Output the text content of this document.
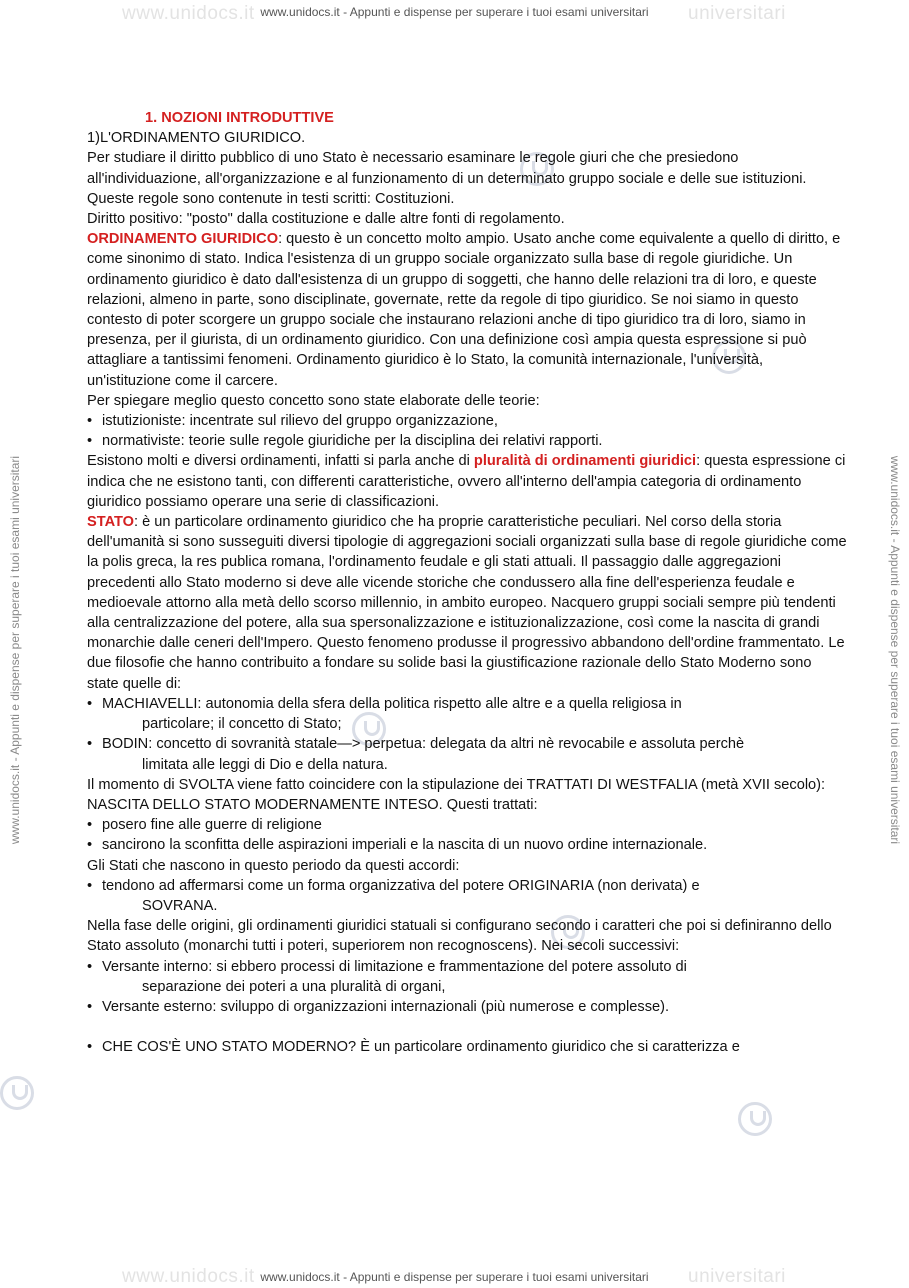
www.unidocs.it - Appunti e dispense per superare i tuoi esami universitari
www.unidocs.it	universitari
www.unidocs.it	universitari
www.unidocs.it - Appunti e dispense per superare i tuoi esami universitari	www.unidocs.it - Appunti e dispense per superare i tuoi esami universitari

1. NOZIONI INTRODUTTIVE

1)L'ORDINAMENTO GIURIDICO.

Per studiare il diritto pubblico di uno Stato è necessario esaminare le regole giuri che che presiedono all'individuazione, all'organizzazione e al funzionamento di un determinato gruppo sociale e delle sue istituzioni. Queste regole sono contenute in testi scritti: Costituzioni.

Diritto positivo: "posto" dalla costituzione e dalle altre fonti di regolamento.

ORDINAMENTO GIURIDICO: questo è un concetto molto ampio. Usato anche come equivalente a quello di diritto, e come sinonimo di stato. Indica l'esistenza di un gruppo sociale organizzato sulla base di regole giuridiche. Un ordinamento giuridico è dato dall'esistenza di un gruppo di soggetti, che hanno delle relazioni tra di loro, e queste relazioni, almeno in parte, sono disciplinate, governate, rette da regole di tipo giuridico. Se noi siamo in questo contesto di poter scorgere un gruppo sociale che instaurano relazioni anche di tipo giuridico tra di loro, siamo in presenza, per il giurista, di un ordinamento giuridico. Con una definizione così ampia questa espressione si può attagliare a tantissimi fenomeni. Ordinamento giuridico è lo Stato, la comunità internazionale, l'università, un'istituzione come il carcere.

Per spiegare meglio questo concetto sono state elaborate delle teorie:

• istutizioniste: incentrate sul rilievo del gruppo organizzazione,

• normativiste: teorie sulle regole giuridiche per la disciplina dei relativi rapporti.

Esistono molti e diversi ordinamenti, infatti si parla anche di pluralità di ordinamenti giuridici: questa espressione ci indica che ne esistono tanti, con differenti caratteristiche, ovvero all'interno dell'ampia categoria di ordinamento giuridico possiamo operare una serie di classificazioni.

STATO: è un particolare ordinamento giuridico che ha proprie caratteristiche peculiari. Nel corso della storia dell'umanità si sono susseguiti diversi tipologie di aggregazioni sociali organizzati sulla base di regole giuridiche come la polis greca, la res publica romana, l'ordinamento feudale e gli stati attuali. Il passaggio dalle aggregazioni precedenti allo Stato moderno si deve alle vicende storiche che condussero alla fine dell'esperienza feudale e medioevale attorno alla metà dello scorso millennio, in ambito europeo. Nacquero gruppi sociali sempre più tendenti alla centralizzazione del potere, alla sua spersonalizzazione e istituzionalizzazione, così come la nascita di grandi monarchie dalle ceneri dell'Impero. Questo fenomeno produsse il progressivo abbandono dell'ordine frammentato. Le due filosofie che hanno contribuito a fondare su solide basi la giustificazione razionale dello Stato Moderno sono state quelle di:

• MACHIAVELLI: autonomia della sfera della politica rispetto alle altre e a quella religiosa in
particolare; il concetto di Stato;

• BODIN: concetto di sovranità statale—> perpetua: delegata da altri nè revocabile e assoluta perchè
limitata alle leggi di Dio e della natura.

Il momento di SVOLTA viene fatto coincidere con la stipulazione dei TRATTATI DI WESTFALIA (metà XVII secolo): NASCITA DELLO STATO MODERNAMENTE INTESO. Questi trattati:

• posero fine alle guerre di religione

• sancirono la sconfitta delle aspirazioni imperiali e la nascita di un nuovo ordine internazionale.

Gli Stati che nascono in questo periodo da questi accordi:

• tendono ad affermarsi come un forma organizzativa del potere ORIGINARIA (non derivata) e
SOVRANA.

Nella fase delle origini, gli ordinamenti giuridici statuali si configurano secondo i caratteri che poi si definiranno dello Stato assoluto (monarchi tutti i poteri, superiorem non recognoscens). Nei secoli successivi:

• Versante interno: si ebbero processi di limitazione e frammentazione del potere assoluto di
separazione dei poteri a una pluralità di organi,

• Versante esterno: sviluppo di organizzazioni internazionali (più numerose e complesse).

• CHE COS'È UNO STATO MODERNO? È un particolare ordinamento giuridico che si caratterizza e

www.unidocs.it - Appunti e dispense per superare i tuoi esami universitari
